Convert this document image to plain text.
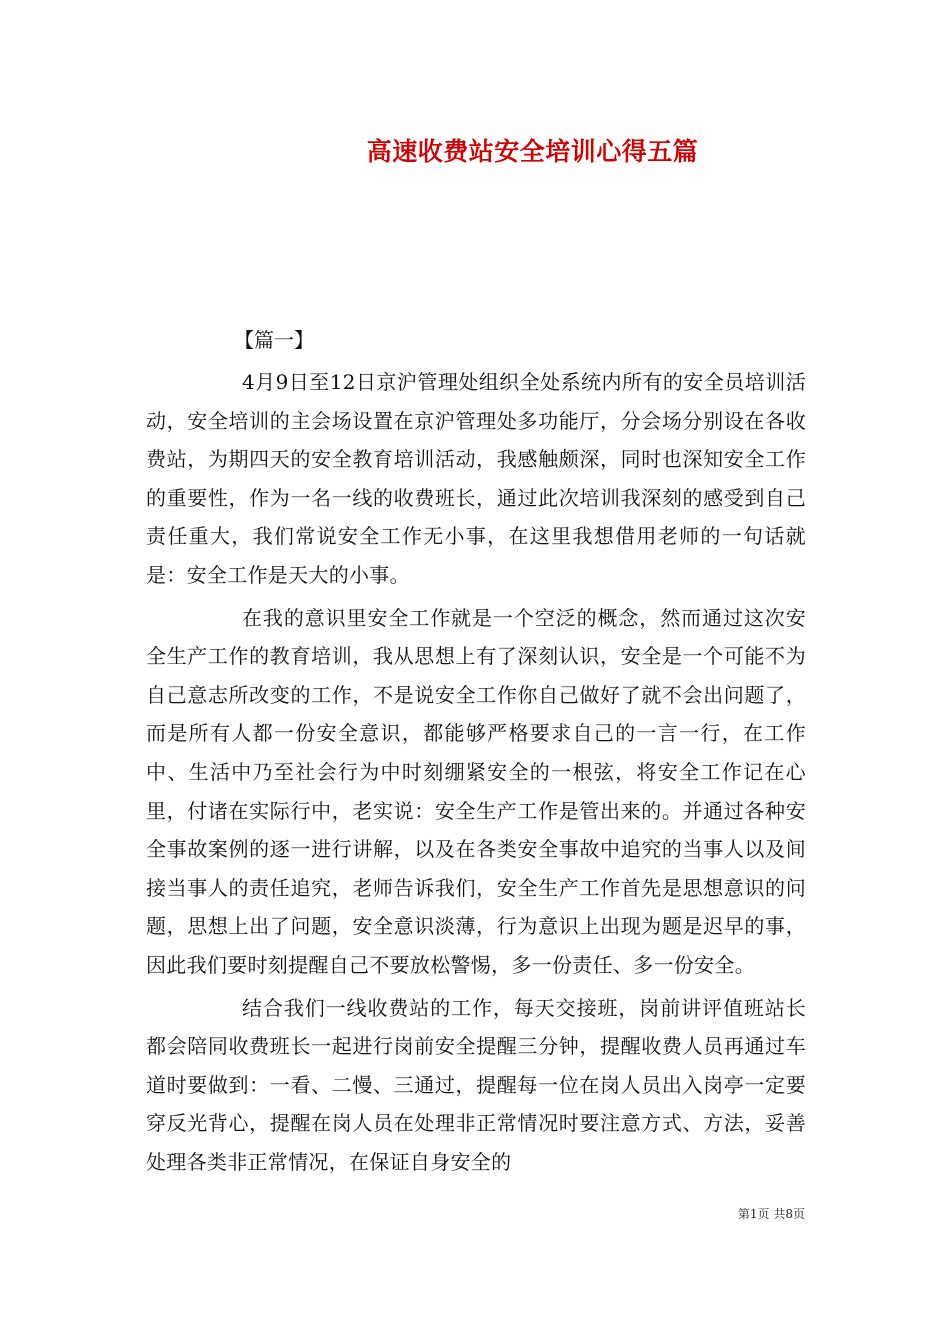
高速收费站安全培训心得五篇
【篇一】

4月9日至12日京沪管理处组织全处系统内所有的安全员培训活动，安全培训的主会场设置在京沪管理处多功能厅，分会场分别设在各收费站，为期四天的安全教育培训活动，我感触颇深，同时也深知安全工作的重要性，作为一名一线的收费班长，通过此次培训我深刻的感受到自己责任重大，我们常说安全工作无小事，在这里我想借用老师的一句话就是：安全工作是天大的小事。

在我的意识里安全工作就是一个空泛的概念，然而通过这次安全生产工作的教育培训，我从思想上有了深刻认识，安全是一个可能不为自己意志所改变的工作，不是说安全工作你自己做好了就不会出问题了，而是所有人都一份安全意识，都能够严格要求自己的一言一行，在工作中、生活中乃至社会行为中时刻绷紧安全的一根弦，将安全工作记在心里，付诸在实际行中，老实说：安全生产工作是管出来的。并通过各种安全事故案例的逐一进行讲解，以及在各类安全事故中追究的当事人以及间接当事人的责任追究，老师告诉我们，安全生产工作首先是思想意识的问题，思想上出了问题，安全意识淡薄，行为意识上出现为题是迟早的事，因此我们要时刻提醒自己不要放松警惕，多一份责任、多一份安全。

结合我们一线收费站的工作，每天交接班，岗前讲评值班站长都会陪同收费班长一起进行岗前安全提醒三分钟，提醒收费人员再通过车道时要做到：一看、二慢、三通过，提醒每一位在岗人员出入岗亭一定要穿反光背心，提醒在岗人员在处理非正常情况时要注意方式、方法，妥善处理各类非正常情况，在保证自身安全的

第1页 共8页
